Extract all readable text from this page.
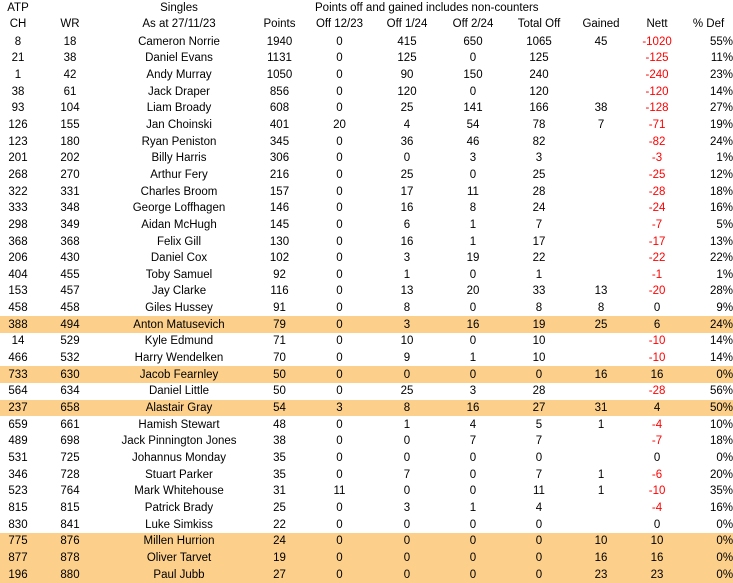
ATP		Singles		Points off and gained includes non-counters						
CH	WR	As at 27/11/23	Points	Off 12/23	Off 1/24	Off 2/24	Total Off	Gained	Nett	% Def
8	18	Cameron Norrie	1940	0	415	650	1065	45	-1020	55%
21	38	Daniel Evans	1131	0	125	0	125		-125	11%
1	42	Andy Murray	1050	0	90	150	240		-240	23%
38	61	Jack Draper	856	0	120	0	120		-120	14%
93	104	Liam Broady	608	0	25	141	166	38	-128	27%
126	155	Jan Choinski	401	20	4	54	78	7	-71	19%
123	180	Ryan Peniston	345	0	36	46	82		-82	24%
201	202	Billy Harris	306	0	0	3	3		-3	1%
268	270	Arthur Fery	216	0	25	0	25		-25	12%
322	331	Charles Broom	157	0	17	11	28		-28	18%
333	348	George Loffhagen	146	0	16	8	24		-24	16%
298	349	Aidan McHugh	145	0	6	1	7		-7	5%
368	368	Felix Gill	130	0	16	1	17		-17	13%
206	430	Daniel Cox	102	0	3	19	22		-22	22%
404	455	Toby Samuel	92	0	1	0	1		-1	1%
153	457	Jay Clarke	116	0	13	20	33	13	-20	28%
458	458	Giles Hussey	91	0	8	0	8	8	0	9%
388	494	Anton Matusevich	79	0	3	16	19	25	6	24%
14	529	Kyle Edmund	71	0	10	0	10		-10	14%
466	532	Harry Wendelken	70	0	9	1	10		-10	14%
733	630	Jacob Fearnley	50	0	0	0	0	16	16	0%
564	634	Daniel Little	50	0	25	3	28		-28	56%
237	658	Alastair Gray	54	3	8	16	27	31	4	50%
659	661	Hamish Stewart	48	0	1	4	5	1	-4	10%
489	698	Jack Pinnington Jones	38	0	0	7	7		-7	18%
531	725	Johannus Monday	35	0	0	0	0		0	0%
346	728	Stuart Parker	35	0	7	0	7	1	-6	20%
523	764	Mark Whitehouse	31	11	0	0	11	1	-10	35%
815	815	Patrick Brady	25	0	3	1	4		-4	16%
830	841	Luke Simkiss	22	0	0	0	0		0	0%
775	876	Millen Hurrion	24	0	0	0	0	10	10	0%
877	878	Oliver Tarvet	19	0	0	0	0	16	16	0%
196	880	Paul Jubb	27	0	0	0	0	23	23	0%
